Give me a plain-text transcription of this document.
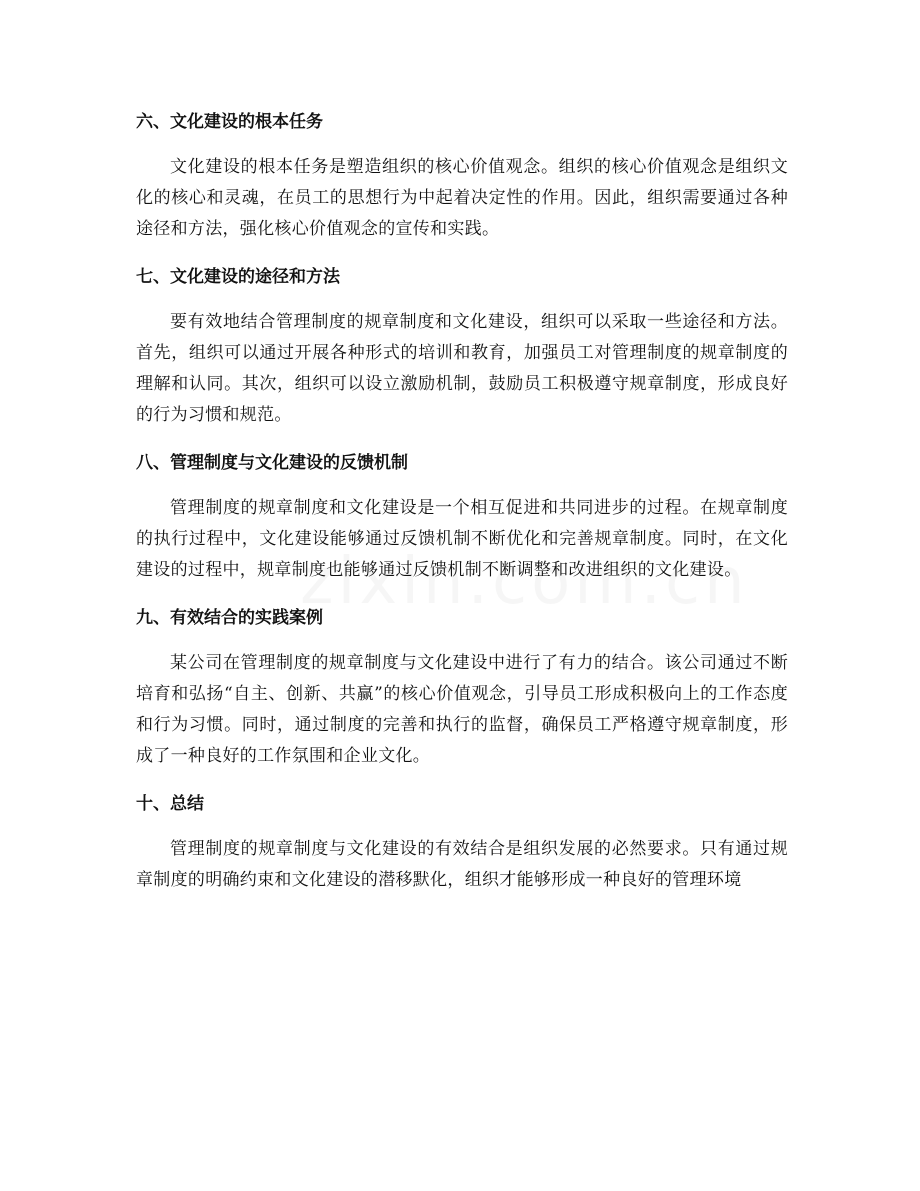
六、文化建设的根本任务

文化建设的根本任务是塑造组织的核心价值观念。组织的核心价值观念是组织文化的核心和灵魂，在员工的思想行为中起着决定性的作用。因此，组织需要通过各种途径和方法，强化核心价值观念的宣传和实践。

七、文化建设的途径和方法

要有效地结合管理制度的规章制度和文化建设，组织可以采取一些途径和方法。首先，组织可以通过开展各种形式的培训和教育，加强员工对管理制度的规章制度的理解和认同。其次，组织可以设立激励机制，鼓励员工积极遵守规章制度，形成良好的行为习惯和规范。

八、管理制度与文化建设的反馈机制

管理制度的规章制度和文化建设是一个相互促进和共同进步的过程。在规章制度的执行过程中，文化建设能够通过反馈机制不断优化和完善规章制度。同时，在文化建设的过程中，规章制度也能够通过反馈机制不断调整和改进组织的文化建设。

九、有效结合的实践案例

某公司在管理制度的规章制度与文化建设中进行了有力的结合。该公司通过不断培育和弘扬“自主、创新、共赢”的核心价值观念，引导员工形成积极向上的工作态度和行为习惯。同时，通过制度的完善和执行的监督，确保员工严格遵守规章制度，形成了一种良好的工作氛围和企业文化。

十、总结

管理制度的规章制度与文化建设的有效结合是组织发展的必然要求。只有通过规章制度的明确约束和文化建设的潜移默化，组织才能够形成一种良好的管理环境
